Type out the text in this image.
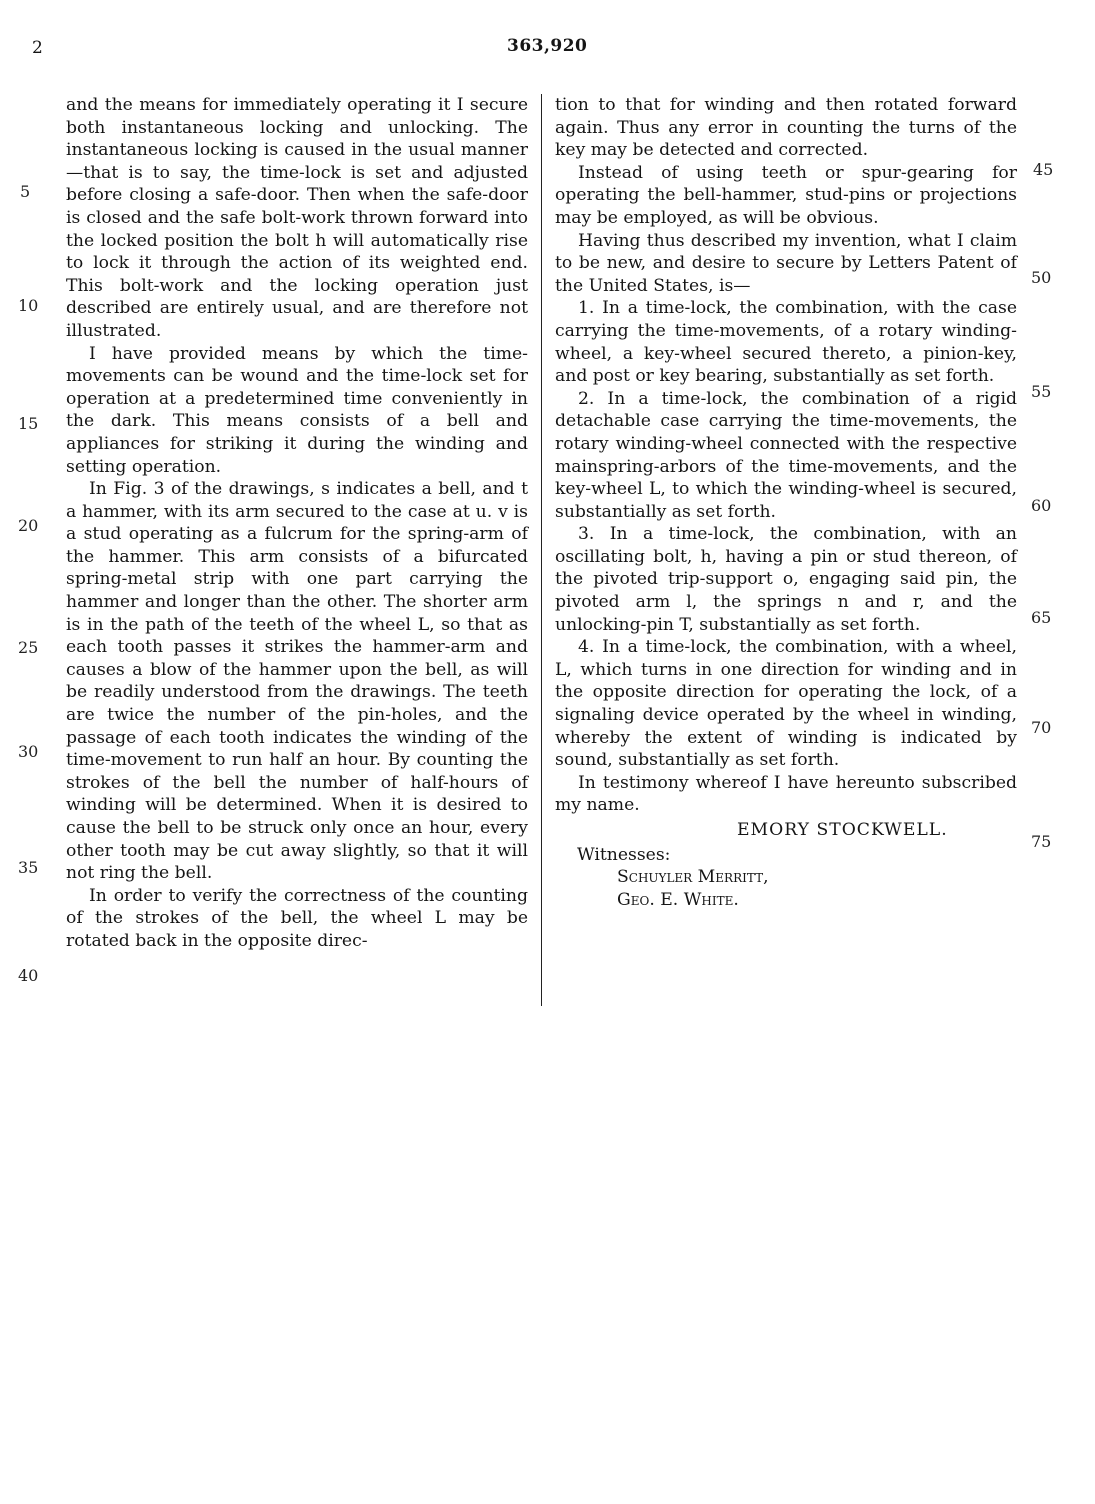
2	363,920

and the means for immediately operating it I secure both instantaneous locking and unlocking. The instantaneous locking is caused in the usual manner—that is to say, the time-lock is set and adjusted before closing a safe-door. Then when the safe-door is closed and the safe bolt-work thrown forward into the locked position the bolt h will automatically rise to lock it through the action of its weighted end. This bolt-work and the locking operation just described are entirely usual, and are therefore not illustrated.

I have provided means by which the time-movements can be wound and the time-lock set for operation at a predetermined time conveniently in the dark. This means consists of a bell and appliances for striking it during the winding and setting operation.

In Fig. 3 of the drawings, s indicates a bell, and t a hammer, with its arm secured to the case at u. v is a stud operating as a fulcrum for the spring-arm of the hammer. This arm consists of a bifurcated spring-metal strip with one part carrying the hammer and longer than the other. The shorter arm is in the path of the teeth of the wheel L, so that as each tooth passes it strikes the hammer-arm and causes a blow of the hammer upon the bell, as will be readily understood from the drawings. The teeth are twice the number of the pin-holes, and the passage of each tooth indicates the winding of the time-movement to run half an hour. By counting the strokes of the bell the number of half-hours of winding will be determined. When it is desired to cause the bell to be struck only once an hour, every other tooth may be cut away slightly, so that it will not ring the bell.

In order to verify the correctness of the counting of the strokes of the bell, the wheel L may be rotated back in the opposite direc-

tion to that for winding and then rotated forward again. Thus any error in counting the turns of the key may be detected and corrected.

Instead of using teeth or spur-gearing for operating the bell-hammer, stud-pins or projections may be employed, as will be obvious.

Having thus described my invention, what I claim to be new, and desire to secure by Letters Patent of the United States, is—

1. In a time-lock, the combination, with the case carrying the time-movements, of a rotary winding-wheel, a key-wheel secured thereto, a pinion-key, and post or key bearing, substantially as set forth.

2. In a time-lock, the combination of a rigid detachable case carrying the time-movements, the rotary winding-wheel connected with the respective mainspring-arbors of the time-movements, and the key-wheel L, to which the winding-wheel is secured, substantially as set forth.

3. In a time-lock, the combination, with an oscillating bolt, h, having a pin or stud thereon, of the pivoted trip-support o, engaging said pin, the pivoted arm l, the springs n and r, and the unlocking-pin T, substantially as set forth.

4. In a time-lock, the combination, with a wheel, L, which turns in one direction for winding and in the opposite direction for operating the lock, of a signaling device operated by the wheel in winding, whereby the extent of winding is indicated by sound, substantially as set forth.

In testimony whereof I have hereunto subscribed my name.

EMORY STOCKWELL.

Witnesses:

Schuyler Merritt,

Geo. E. White.

5
10
15
20
25
30
35
40
45
50
55
60
65
70
75
